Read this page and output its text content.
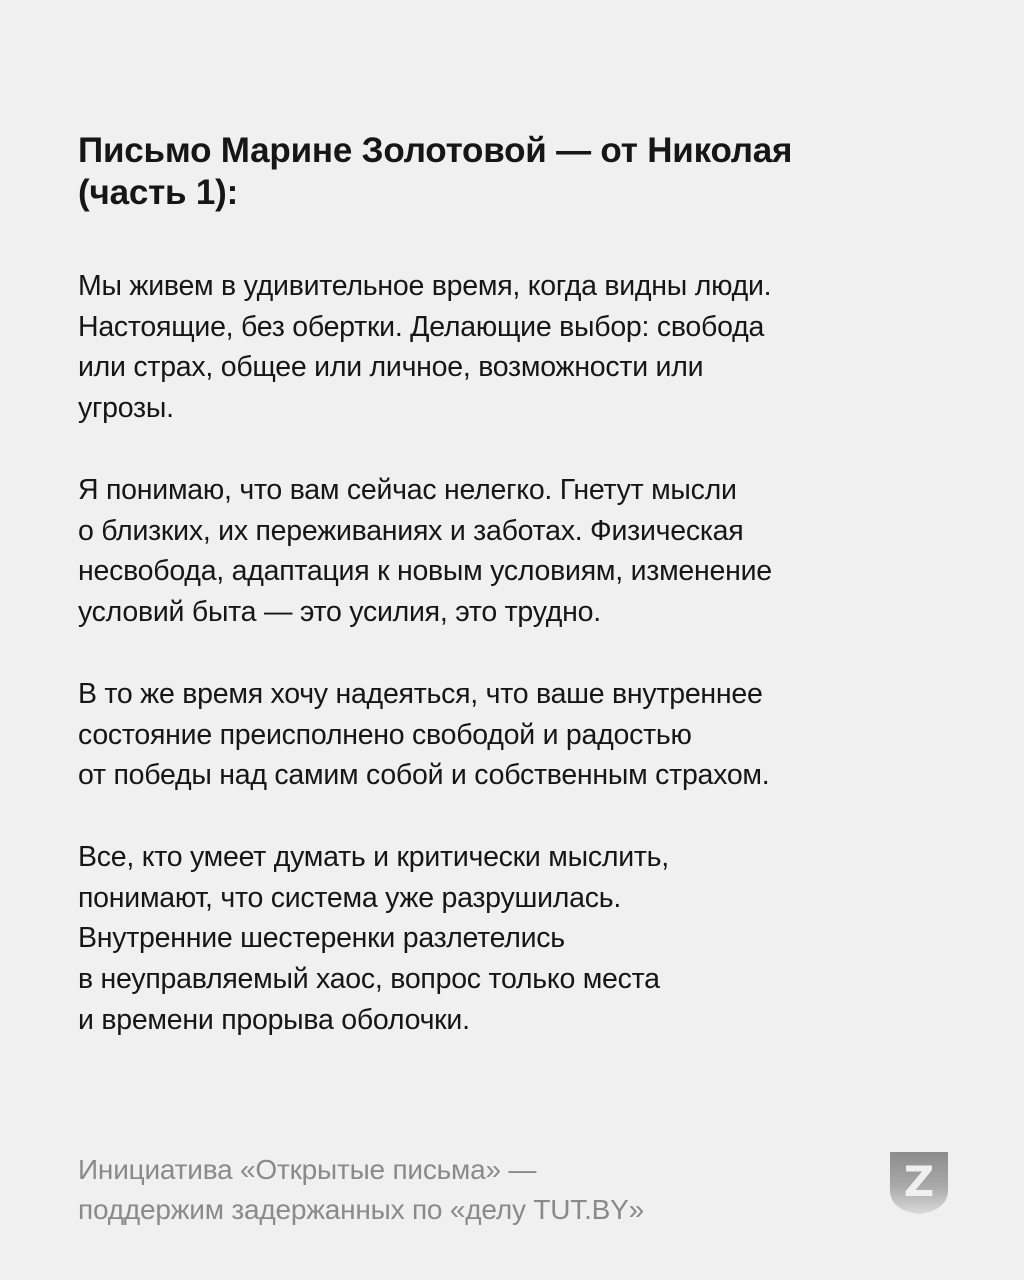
Письмо Марине Золотовой — от Николая
(часть 1):

Мы живем в удивительное время, когда видны люди.
Настоящие, без обертки. Делающие выбор: свобода
или страх, общее или личное, возможности или
угрозы.

Я понимаю, что вам сейчас нелегко. Гнетут мысли
о близких, их переживаниях и заботах. Физическая
несвобода, адаптация к новым условиям, изменение
условий быта — это усилия, это трудно.

В то же время хочу надеяться, что ваше внутреннее
состояние преисполнено свободой и радостью
от победы над самим собой и собственным страхом.

Все, кто умеет думать и критически мыслить,
понимают, что система уже разрушилась.
Внутренние шестеренки разлетелись
в неуправляемый хаос, вопрос только места
и времени прорыва оболочки.

Инициатива «Открытые письма» —
поддержим задержанных по «делу TUT.BY»

Z
